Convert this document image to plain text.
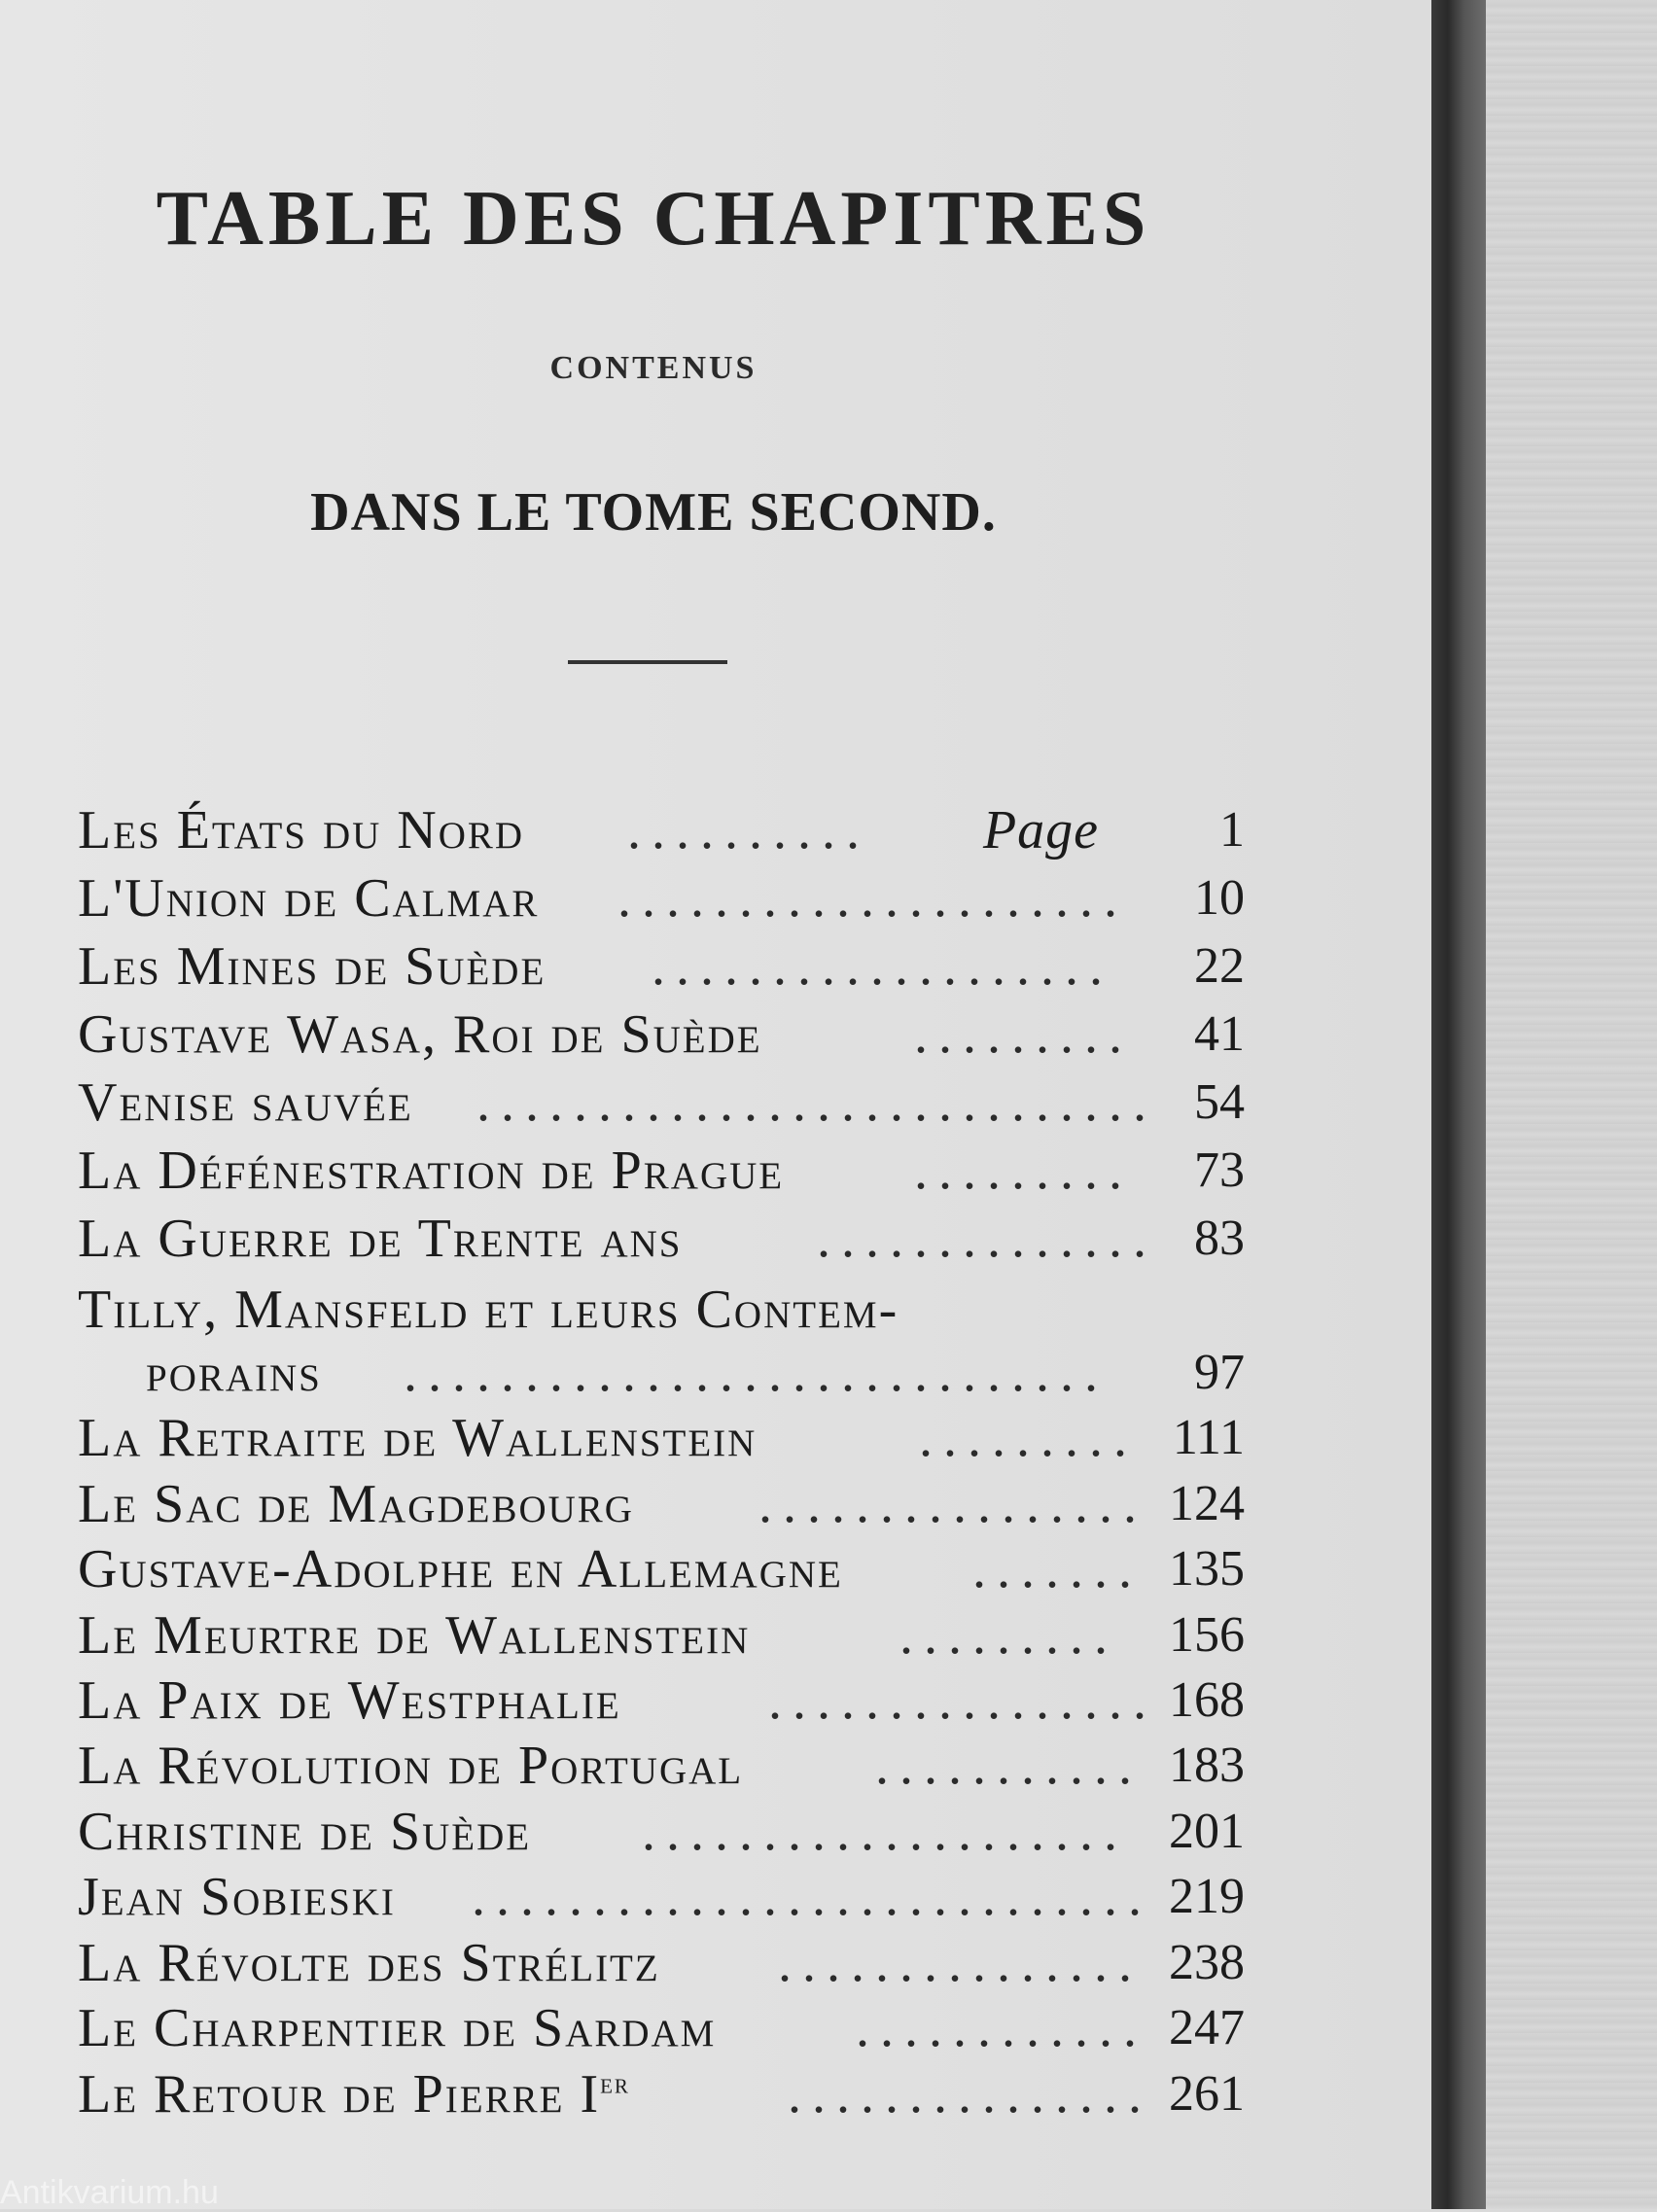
TABLE DES CHAPITRES
CONTENUS
DANS LE TOME SECOND.
Les États du Nord ..........	Page	1
L'Union de Calmar .....................	10
Les Mines de Suède ...................	22
Gustave Wasa, Roi de Suède	.........	41
Venise sauvée ............................ 54
La Défénestration de Prague .........	73
La Guerre de Trente ans .............. 83
Tilly, Mansfeld et leurs Contem-
porains .............................	97
La Retraite de Wallenstein	......... 111
Le Sac de Magdebourg ................ 124
Gustave-Adolphe en Allemagne ....... 135
Le Meurtre de Wallenstein	......... 156
La Paix de Westphalie	................ 168
La Révolution de Portugal ........... 183
Christine de Suède .................... 201
Jean Sobieski ............................ 219
La Révolte des Strélitz ............... 238
Le Charpentier de Sardam	............ 247
Le Retour de Pierre Ier	............... 261
Antikvarium.hu
